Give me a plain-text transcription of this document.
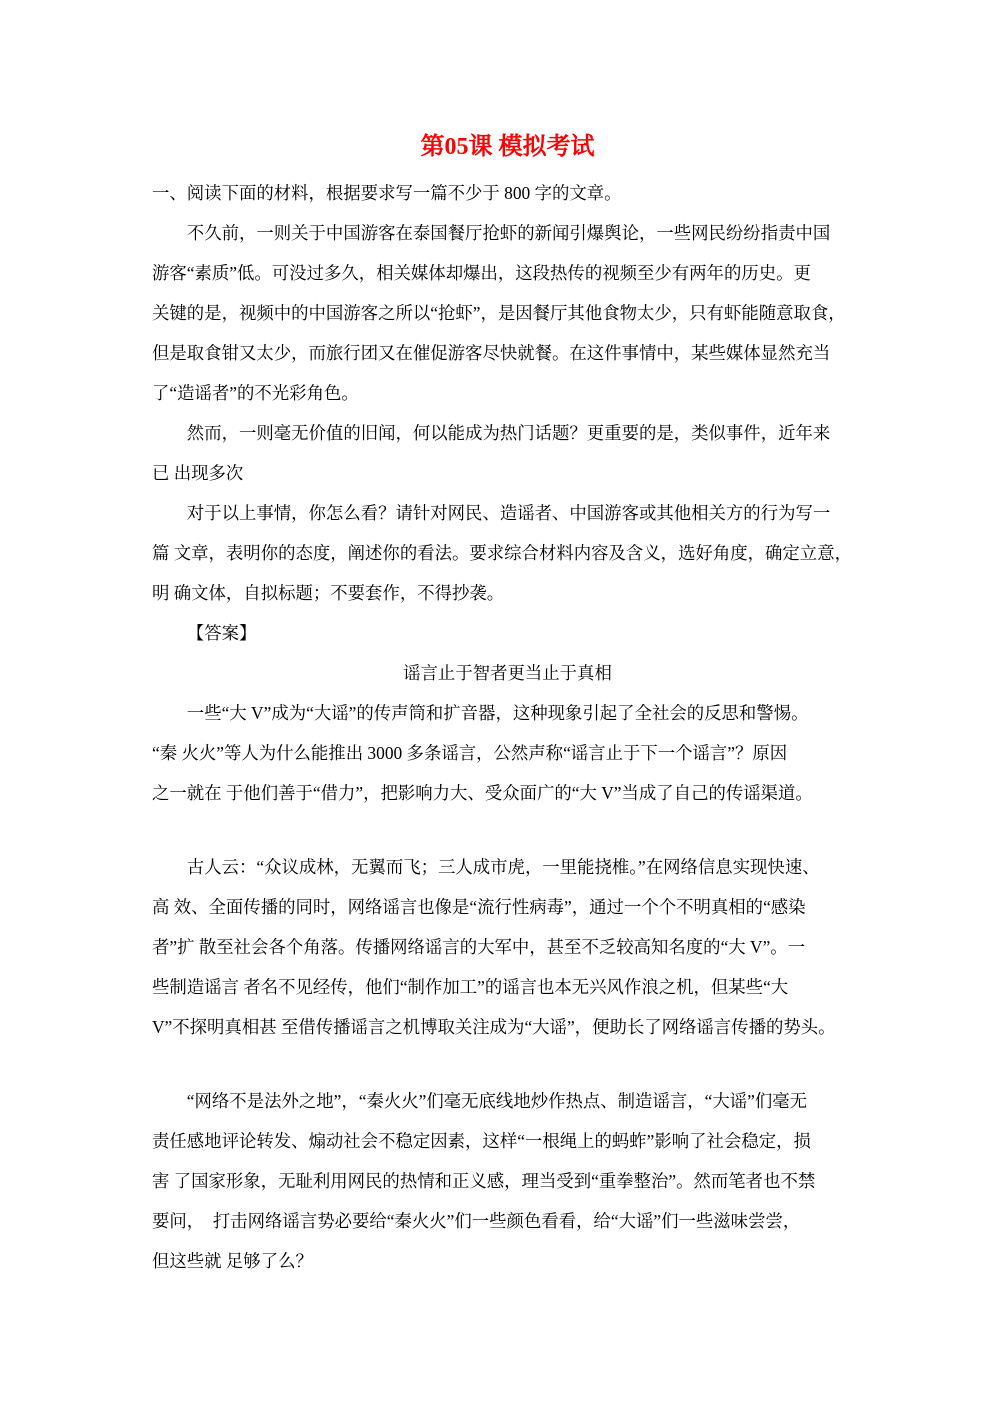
第05课 模拟考试
一、阅读下面的材料，根据要求写一篇不少于 800 字的文章。
不久前，一则关于中国游客在泰国餐厅抢虾的新闻引爆舆论，一些网民纷纷指责中国
游客“素质”低。可没过多久，相关媒体却爆出，这段热传的视频至少有两年的历史。更
关键的是，视频中的中国游客之所以“抢虾”，是因餐厅其他食物太少，只有虾能随意取食，
但是取食钳又太少，而旅行团又在催促游客尽快就餐。在这件事情中，某些媒体显然充当
了“造谣者”的不光彩角色。
然而，一则毫无价值的旧闻，何以能成为热门话题？更重要的是，类似事件，近年来
已 出现多次
对于以上事情，你怎么看？请针对网民、造谣者、中国游客或其他相关方的行为写一
篇 文章，表明你的态度，阐述你的看法。要求综合材料内容及含义，选好角度，确定立意，
明 确文体，自拟标题；不要套作，不得抄袭。
【答案】
谣言止于智者更当止于真相
一些“大 V”成为“大谣”的传声筒和扩音器，这种现象引起了全社会的反思和警惕。
“秦 火火”等人为什么能推出 3000 多条谣言，公然声称“谣言止于下一个谣言”？原因
之一就在 于他们善于“借力”，把影响力大、受众面广的“大 V”当成了自己的传谣渠道。
古人云：“众议成林，无翼而飞；三人成市虎，一里能挠椎。”在网络信息实现快速、
高 效、全面传播的同时，网络谣言也像是“流行性病毒”，通过一个个不明真相的“感染
者”扩 散至社会各个角落。传播网络谣言的大军中，甚至不乏较高知名度的“大 V”。一
些制造谣言 者名不见经传，他们“制作加工”的谣言也本无兴风作浪之机，但某些“大
V”不探明真相甚 至借传播谣言之机博取关注成为“大谣”，便助长了网络谣言传播的势头。
“网络不是法外之地”，“秦火火”们毫无底线地炒作热点、制造谣言，“大谣”们毫无
责任感地评论转发、煽动社会不稳定因素，这样“一根绳上的蚂蚱”影响了社会稳定，损
害 了国家形象，无耻利用网民的热情和正义感，理当受到“重拳整治”。然而笔者也不禁
要问，  打击网络谣言势必要给“秦火火”们一些颜色看看，给“大谣”们一些滋味尝尝，
但这些就 足够了么？
